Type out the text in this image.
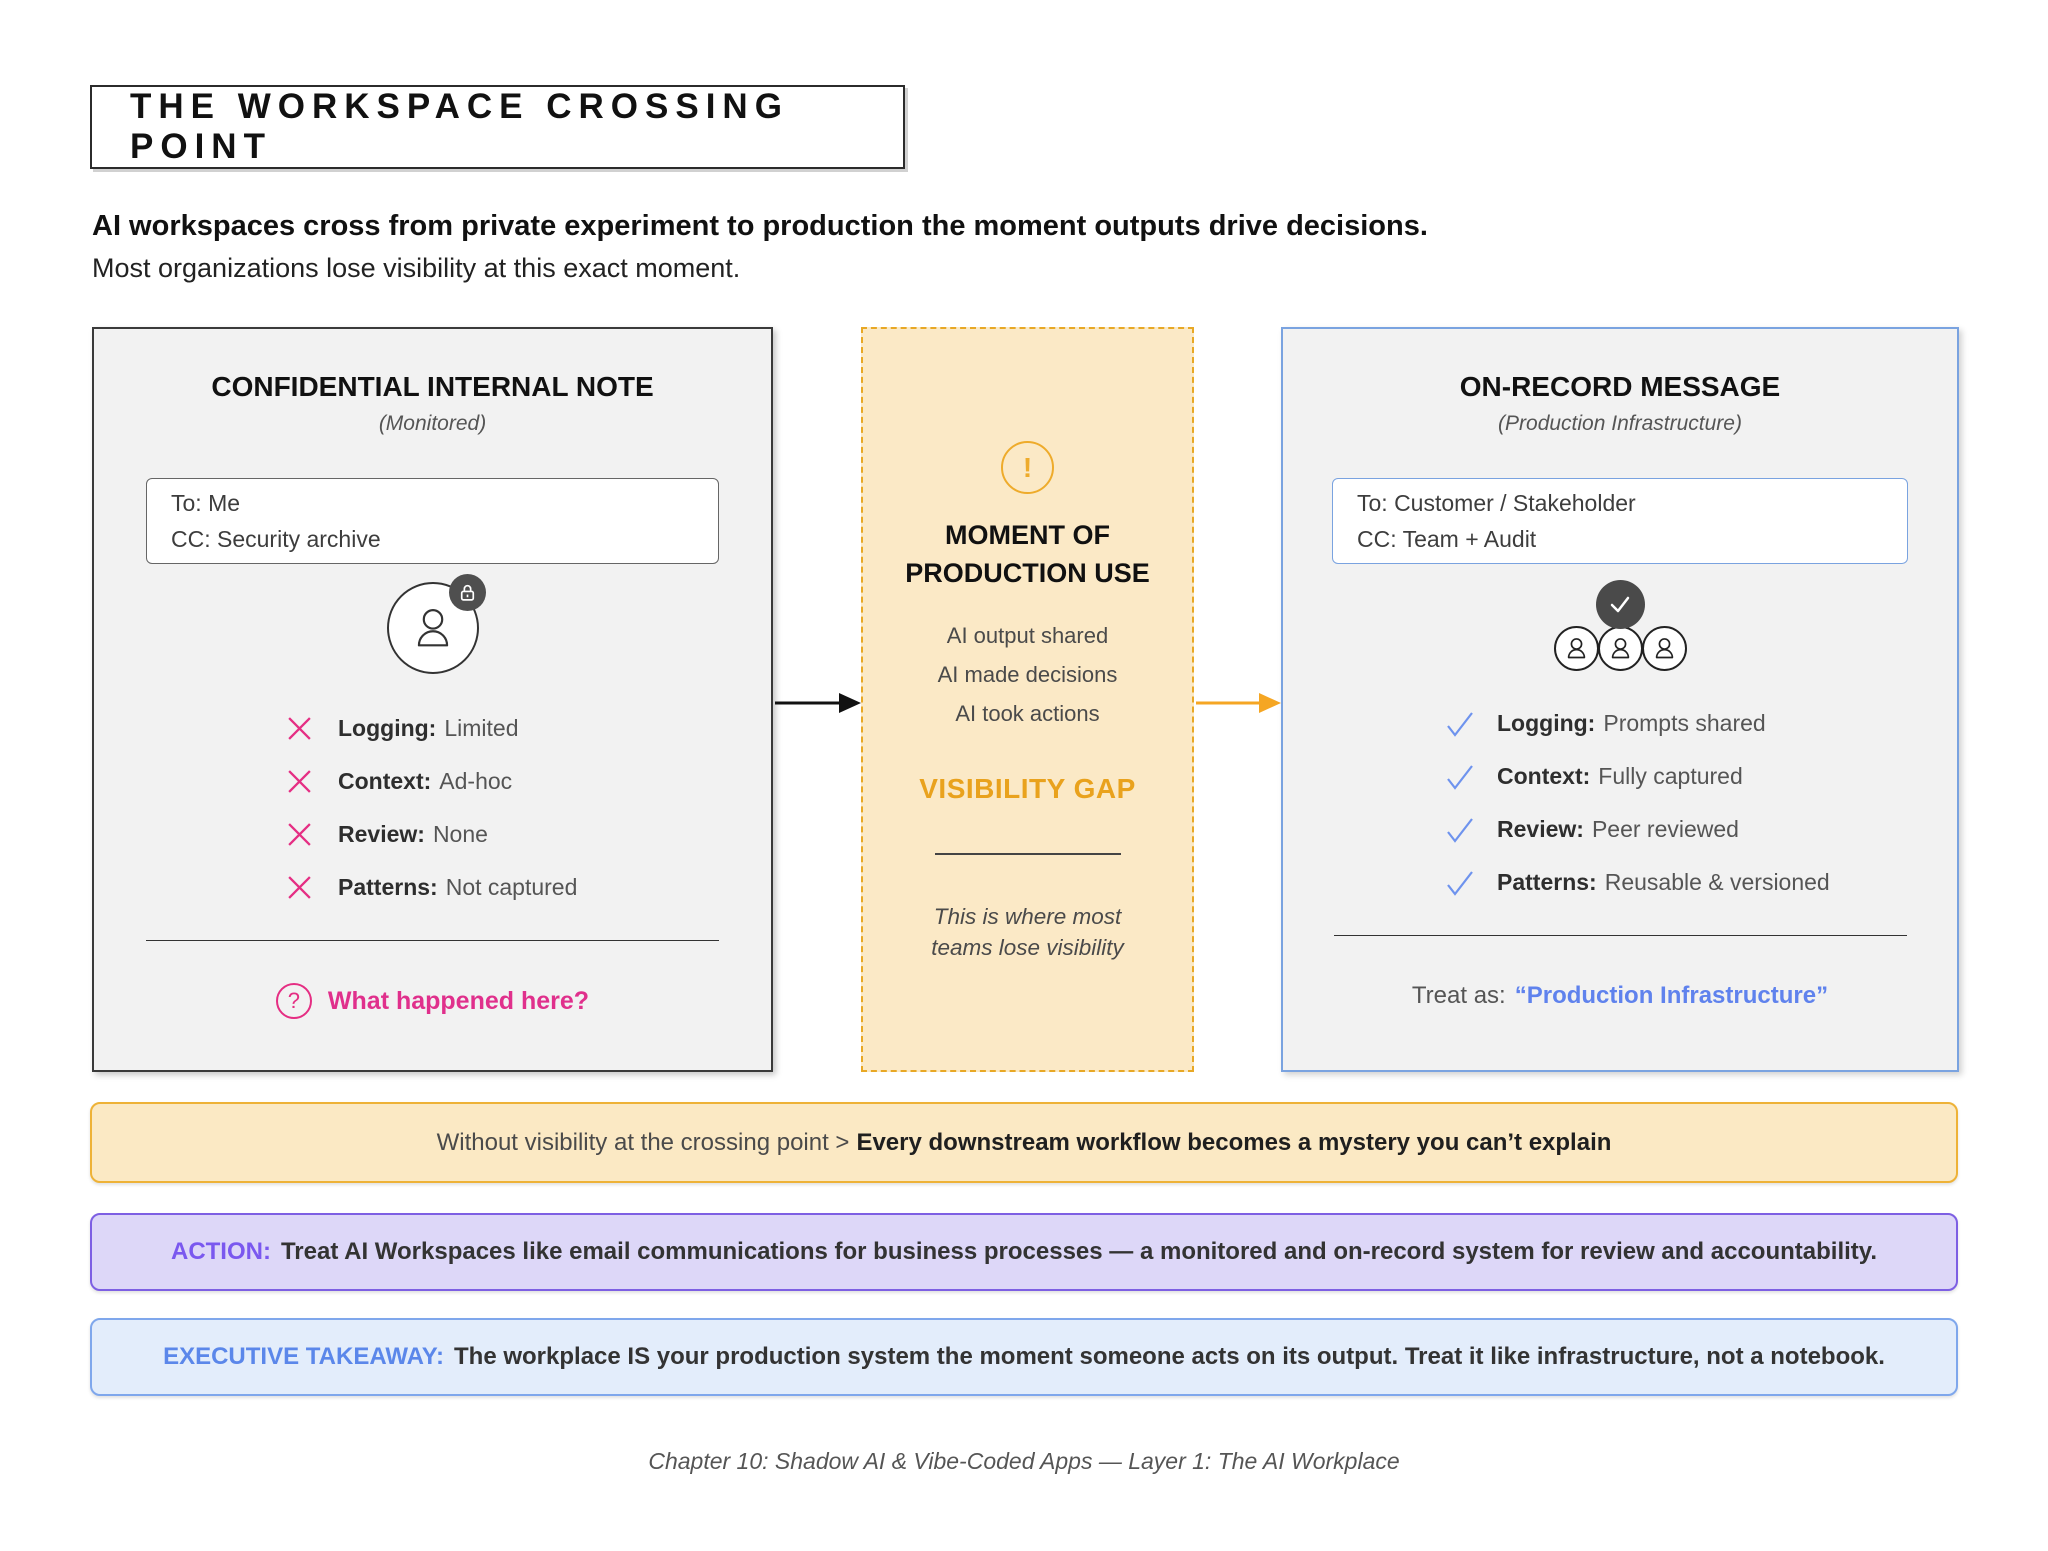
THE WORKSPACE CROSSING POINT
AI workspaces cross from private experiment to production the moment outputs drive decisions.
Most organizations lose visibility at this exact moment.
CONFIDENTIAL INTERNAL NOTE
(Monitored)
To: Me
CC: Security archive
Logging: Limited
Context: Ad-hoc
Review: None
Patterns: Not captured
?	What happened here?
!
MOMENT OF
PRODUCTION USE
AI output shared
AI made decisions
AI took actions
VISIBILITY GAP
This is where most
teams lose visibility
ON-RECORD MESSAGE
(Production Infrastructure)
To: Customer / Stakeholder
CC: Team + Audit
Logging: Prompts shared
Context: Fully captured
Review: Peer reviewed
Patterns: Reusable & versioned
Treat as: “Production Infrastructure”
Without visibility at the crossing point > Every downstream workflow becomes a mystery you can’t explain
ACTION: Treat AI Workspaces like email communications for business processes — a monitored and on-record system for review and accountability.
EXECUTIVE TAKEAWAY: The workplace IS your production system the moment someone acts on its output. Treat it like infrastructure, not a notebook.
Chapter 10: Shadow AI & Vibe-Coded Apps — Layer 1: The AI Workplace
